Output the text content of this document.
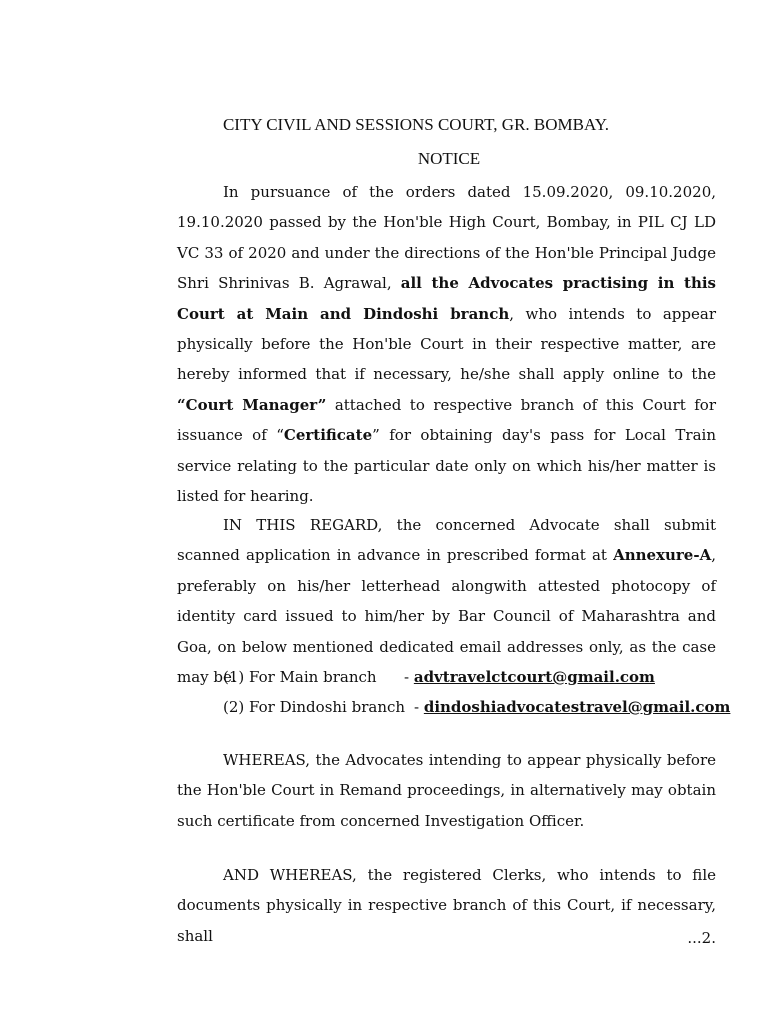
CITY CIVIL AND SESSIONS COURT, GR. BOMBAY.
NOTICE

In pursuance of the orders dated 15.09.2020, 09.10.2020, 19.10.2020 passed by the Hon'ble High Court, Bombay, in PIL CJ LD VC 33 of 2020 and under the directions of the Hon'ble Principal Judge Shri Shrinivas B. Agrawal, all the Advocates practising in this Court at Main and Dindoshi branch, who intends to appear physically before the Hon'ble Court in their respective matter, are hereby informed that if necessary, he/she shall apply online to the “Court Manager” attached to respective branch of this Court for issuance of “Certificate” for obtaining day's pass for Local Train service relating to the particular date only on which his/her matter is listed for hearing.

IN THIS REGARD, the concerned Advocate shall submit scanned application in advance in prescribed format at Annexure-A, preferably on his/her letterhead alongwith attested photocopy of identity card issued to him/her by Bar Council of Maharashtra and Goa, on below mentioned dedicated email addresses only, as the case may be.

(1) For Main branch - advtravelctcourt@gmail.com
(2) For Dindoshi branch - dindoshiadvocatestravel@gmail.com

WHEREAS, the Advocates intending to appear physically before the Hon'ble Court in Remand proceedings, in alternatively may obtain such certificate from concerned Investigation Officer.

AND WHEREAS, the registered Clerks, who intends to file documents physically in respective branch of this Court, if necessary, shall	...2.
